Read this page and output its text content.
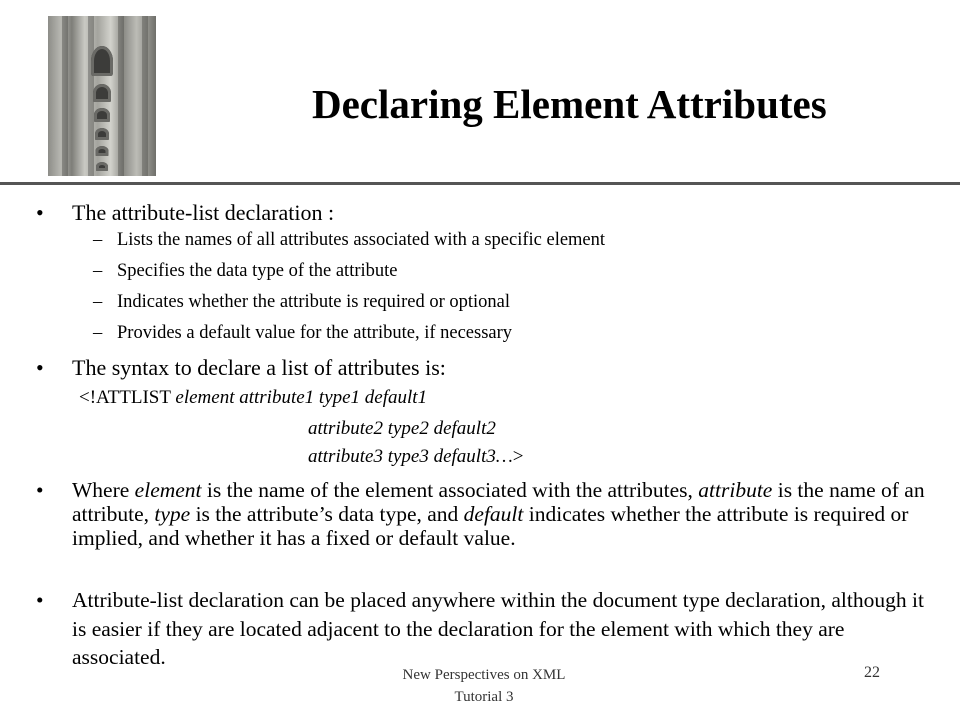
Declaring Element Attributes
• The attribute-list declaration :
– Lists the names of all attributes associated with a specific element
– Specifies the data type of the attribute
– Indicates whether the attribute is required or optional
– Provides a default value for the attribute, if necessary
• The syntax to declare a list of attributes is:
<!ATTLIST element attribute1 type1 default1
attribute2 type2 default2
attribute3 type3 default3…>
• Where element is the name of the element associated with the attributes, attribute is the name of an attribute, type is the attribute’s data type, and default indicates whether the attribute is required or implied, and whether it has a fixed or default value.
• Attribute-list declaration can be placed anywhere within the document type declaration, although it is easier if they are located adjacent to the declaration for the element with which they are associated.
New Perspectives on XML
Tutorial 3
22
